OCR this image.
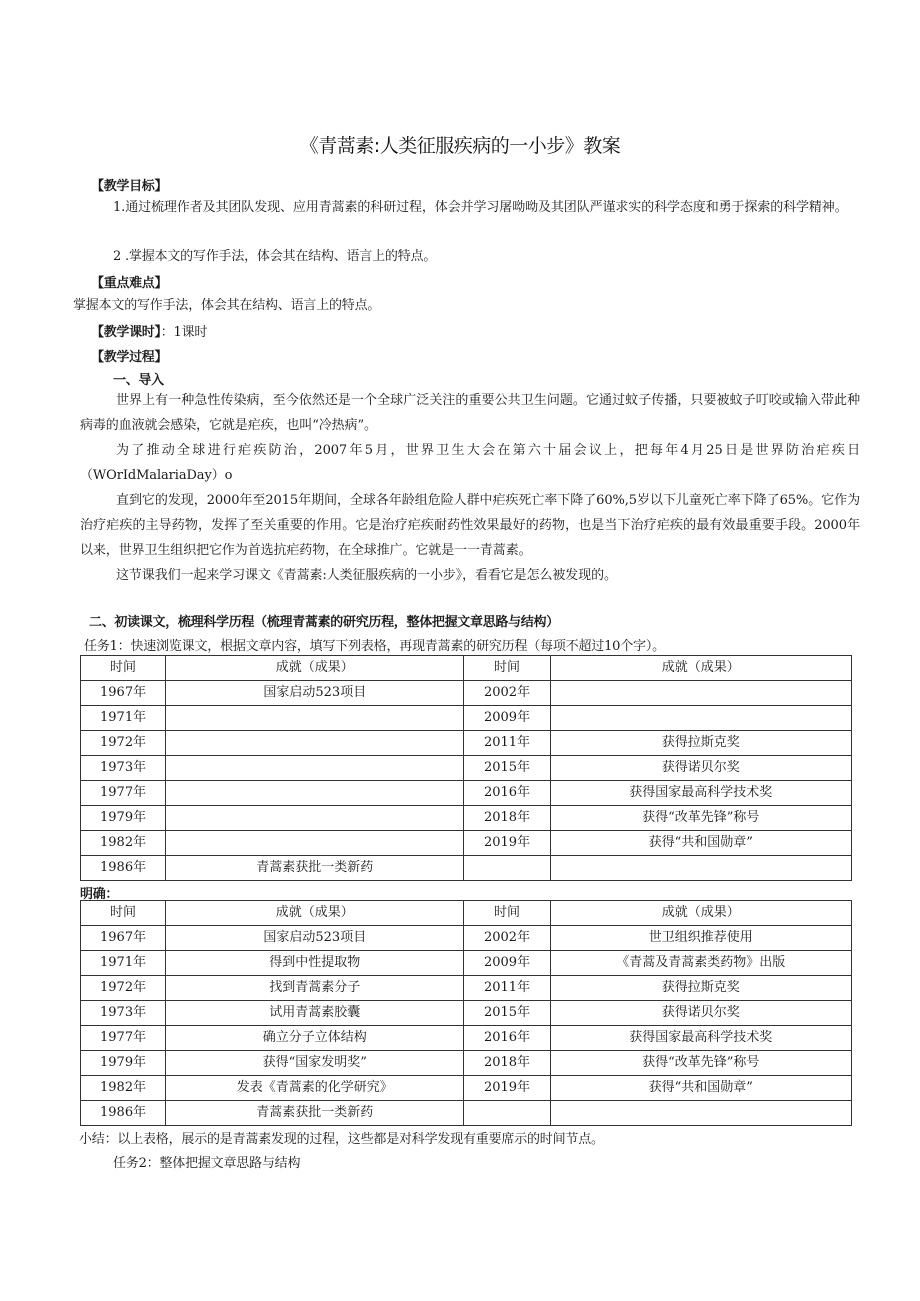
《青蒿素:人类征服疾病的一小步》教案
【教学目标】
1.通过梳理作者及其团队发现、应用青蒿素的科研过程，体会并学习屠呦呦及其团队严谨求实的科学态度和勇于探索的科学精神。
2 .掌握本文的写作手法，体会其在结构、语言上的特点。
【重点难点】
掌握本文的写作手法，体会其在结构、语言上的特点。
【教学课时】：1课时
【教学过程】
一、导入
世界上有一种急性传染病，至今依然还是一个全球广泛关注的重要公共卫生问题。它通过蚊子传播，只要被蚊子叮咬或输入带此种病毒的血液就会感染，它就是疟疾，也叫“冷热病”。
为了推动全球进行疟疾防治，2007年5月，世界卫生大会在第六十届会议上，把每年4月25日是世界防治疟疾日（WOrIdMalariaDay）o
直到它的发现，2000年至2015年期间，全球各年龄组危险人群中疟疾死亡率下降了60%,5岁以下儿童死亡率下降了65%。它作为治疗疟疾的主导药物，发挥了至关重要的作用。它是治疗疟疾耐药性效果最好的药物，也是当下治疗疟疾的最有效最重要手段。2000年以来，世界卫生组织把它作为首选抗疟药物，在全球推广。它就是一一青蒿素。
这节课我们一起来学习课文《青蒿素:人类征服疾病的一小步》，看看它是怎么被发现的。
二、初读课文，梳理科学历程（梳理青蒿素的研究历程，整体把握文章思路与结构）
任务1：快速浏览课文，根据文章内容，填写下列表格，再现青蒿素的研究历程（每项不超过10个字）。
时间	成就（成果）	时间	成就（成果）
1967年	国家启动523项目	2002年	
1971年		2009年	
1972年		2011年	获得拉斯克奖
1973年		2015年	获得诺贝尔奖
1977年		2016年	获得国家最高科学技术奖
1979年		2018年	获得“改革先锋”称号
1982年		2019年	获得“共和国勋章”
1986年	青蒿素获批一类新药		
明确：
时间	成就（成果）	时间	成就（成果）
1967年	国家启动523项目	2002年	世卫组织推荐使用
1971年	得到中性提取物	2009年	《青蒿及青蒿素类药物》出版
1972年	找到青蒿素分子	2011年	获得拉斯克奖
1973年	试用青蒿素胶囊	2015年	获得诺贝尔奖
1977年	确立分子立体结构	2016年	获得国家最高科学技术奖
1979年	获得“国家发明奖”	2018年	获得“改革先锋”称号
1982年	发表《青蒿素的化学研究》	2019年	获得“共和国勋章”
1986年	青蒿素获批一类新药		
小结：以上表格，展示的是青蒿素发现的过程，这些都是对科学发现有重要席示的时间节点。
任务2：整体把握文章思路与结构
